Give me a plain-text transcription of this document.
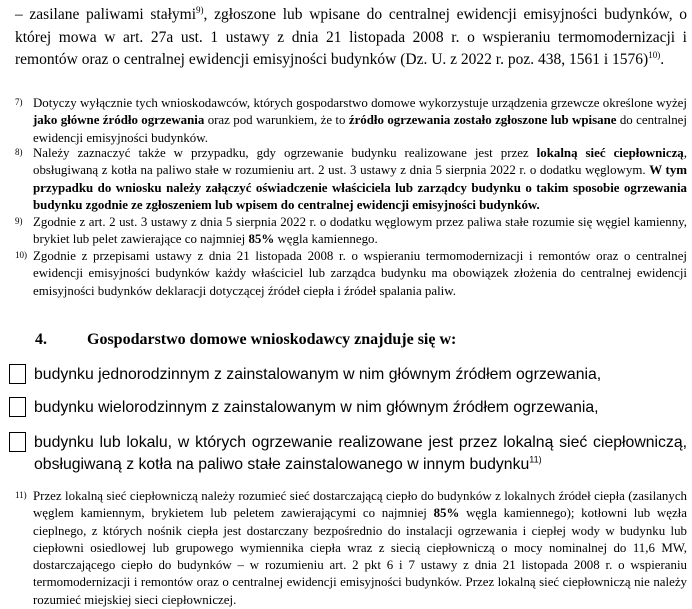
– zasilane paliwami stałymi$^{9)}$, zgłoszone lub wpisane do centralnej ewidencji emisyjności budynków, o której mowa w art. 27a ust. 1 ustawy z dnia 21 listopada 2008 r. o wspieraniu termomodernizacji i remontów oraz o centralnej ewidencji emisyjności budynków (Dz. U. z 2022 r. poz. 438, 1561 i 1576)$^{10)}$.
7) Dotyczy wyłącznie tych wnioskodawców, których gospodarstwo domowe wykorzystuje urządzenia grzewcze określone wyżej jako główne źródło ogrzewania oraz pod warunkiem, że to źródło ogrzewania zostało zgłoszone lub wpisane do centralnej ewidencji emisyjności budynków.
8) Należy zaznaczyć także w przypadku, gdy ogrzewanie budynku realizowane jest przez lokalną sieć ciepłowniczą, obsługiwaną z kotła na paliwo stałe w rozumieniu art. 2 ust. 3 ustawy z dnia 5 sierpnia 2022 r. o dodatku węglowym. W tym przypadku do wniosku należy załączyć oświadczenie właściciela lub zarządcy budynku o takim sposobie ogrzewania budynku zgodnie ze zgłoszeniem lub wpisem do centralnej ewidencji emisyjności budynków.
9) Zgodnie z art. 2 ust. 3 ustawy z dnia 5 sierpnia 2022 r. o dodatku węglowym przez paliwa stałe rozumie się węgiel kamienny, brykiet lub pelet zawierające co najmniej 85% węgla kamiennego.
10) Zgodnie z przepisami ustawy z dnia 21 listopada 2008 r. o wspieraniu termomodernizacji i remontów oraz o centralnej ewidencji emisyjności budynków każdy właściciel lub zarządca budynku ma obowiązek złożenia do centralnej ewidencji emisyjności budynków deklaracji dotyczącej źródeł ciepła i źródeł spalania paliw.
4.	Gospodarstwo domowe wnioskodawcy znajduje się w:
budynku jednorodzinnym z zainstalowanym w nim głównym źródłem ogrzewania,
budynku wielorodzinnym z zainstalowanym w nim głównym źródłem ogrzewania,
budynku lub lokalu, w których ogrzewanie realizowane jest przez lokalną sieć ciepłowniczą, obsługiwaną z kotła na paliwo stałe zainstalowanego w innym budynku$^{11)}$
11) Przez lokalną sieć ciepłowniczą należy rozumieć sieć dostarczającą ciepło do budynków z lokalnych źródeł ciepła (zasilanych węglem kamiennym, brykietem lub peletem zawierającymi co najmniej 85% węgla kamiennego); kotłowni lub węzła cieplnego, z których nośnik ciepła jest dostarczany bezpośrednio do instalacji ogrzewania i ciepłej wody w budynku lub ciepłowni osiedlowej lub grupowego wymiennika ciepła wraz z siecią ciepłowniczą o mocy nominalnej do 11,6 MW, dostarczającego ciepło do budynków – w rozumieniu art. 2 pkt 6 i 7 ustawy z dnia 21 listopada 2008 r. o wspieraniu termomodernizacji i remontów oraz o centralnej ewidencji emisyjności budynków. Przez lokalną sieć ciepłowniczą nie należy rozumieć miejskiej sieci ciepłowniczej.
